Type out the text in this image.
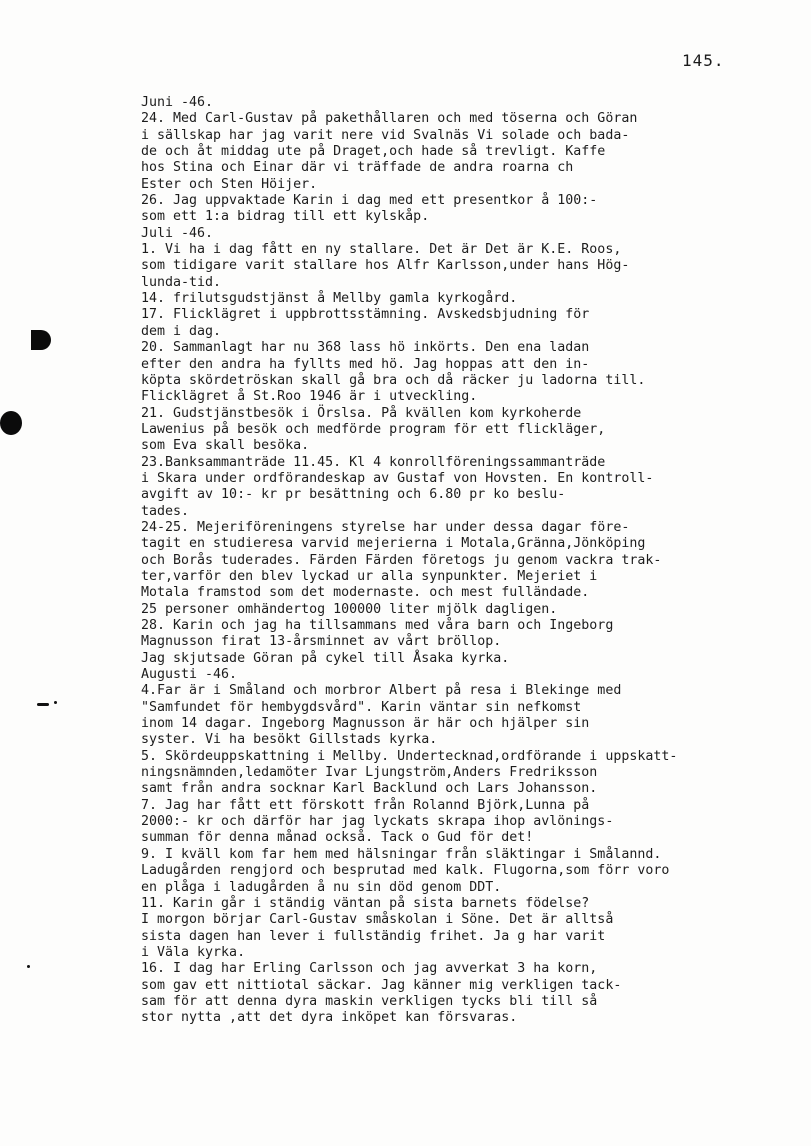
145.

Juni -46.
24. Med Carl-Gustav på pakethållaren och med töserna och Göran
i sällskap har jag varit nere vid Svalnäs Vi solade och bada-
de och åt middag ute på Draget,och hade så trevligt. Kaffe
hos Stina och Einar där vi träffade de andra roarna ch
Ester och Sten Höijer.
26. Jag uppvaktade Karin i dag med ett presentkor å 100:-
som ett 1:a bidrag till ett kylskåp.
Juli -46.
1. Vi ha i dag fått en ny stallare. Det är Det är K.E. Roos,
som tidigare varit stallare hos Alfr Karlsson,under hans Hög-
lunda-tid.
14. frilutsgudstjänst å Mellby gamla kyrkogård.
17. Flicklägret i uppbrottsstämning. Avskedsbjudning för
dem i dag.
20. Sammanlagt har nu 368 lass hö inkörts. Den ena ladan
efter den andra ha fyllts med hö. Jag hoppas att den in-
köpta skördetröskan skall gå bra och då räcker ju ladorna till.
Flicklägret å St.Roo 1946 är i utveckling.
21. Gudstjänstbesök i Örslsa. På kvällen kom kyrkoherde
Lawenius på besök och medförde program för ett flickläger,
som Eva skall besöka.
23.Banksammanträde 11.45. Kl 4 konrollföreningssammanträde
i Skara under ordförandeskap av Gustaf von Hovsten. En kontroll-
avgift av 10:- kr pr besättning och 6.80 pr ko beslu-
tades.
24-25. Mejeriföreningens styrelse har under dessa dagar före-
tagit en studieresa varvid mejerierna i Motala,Gränna,Jönköping
och Borås tuderades. Färden Färden företogs ju genom vackra trak-
ter,varför den blev lyckad ur alla synpunkter. Mejeriet i
Motala framstod som det modernaste. och mest fulländade.
25 personer omhändertog 100000 liter mjölk dagligen.
28. Karin och jag ha tillsammans med våra barn och Ingeborg
Magnusson firat 13-årsminnet av vårt bröllop.
Jag skjutsade Göran på cykel till Åsaka kyrka.
Augusti -46.
4.Far är i Småland och morbror Albert på resa i Blekinge med
"Samfundet för hembygdsvård". Karin väntar sin nefkomst
inom 14 dagar. Ingeborg Magnusson är här och hjälper sin
syster. Vi ha besökt Gillstads kyrka.
5. Skördeuppskattning i Mellby. Undertecknad,ordförande i uppskatt-
ningsnämnden,ledamöter Ivar Ljungström,Anders Fredriksson
samt från andra socknar Karl Backlund och Lars Johansson.
7. Jag har fått ett förskott från Rolannd Björk,Lunna på
2000:- kr och därför har jag lyckats skrapa ihop avlönings-
summan för denna månad också. Tack o Gud för det!
9. I kväll kom far hem med hälsningar från släktingar i Smålannd.
Ladugården rengjord och besprutad med kalk. Flugorna,som förr voro
en plåga i ladugården å nu sin död genom DDT.
11. Karin går i ständig väntan på sista barnets födelse?
I morgon börjar Carl-Gustav småskolan i Söne. Det är alltså
sista dagen han lever i fullständig frihet. Ja g har varit
i Väla kyrka.
16. I dag har Erling Carlsson och jag avverkat 3 ha korn,
som gav ett nittiotal säckar. Jag känner mig verkligen tack-
sam för att denna dyra maskin verkligen tycks bli till så
stor nytta ,att det dyra inköpet kan försvaras.
